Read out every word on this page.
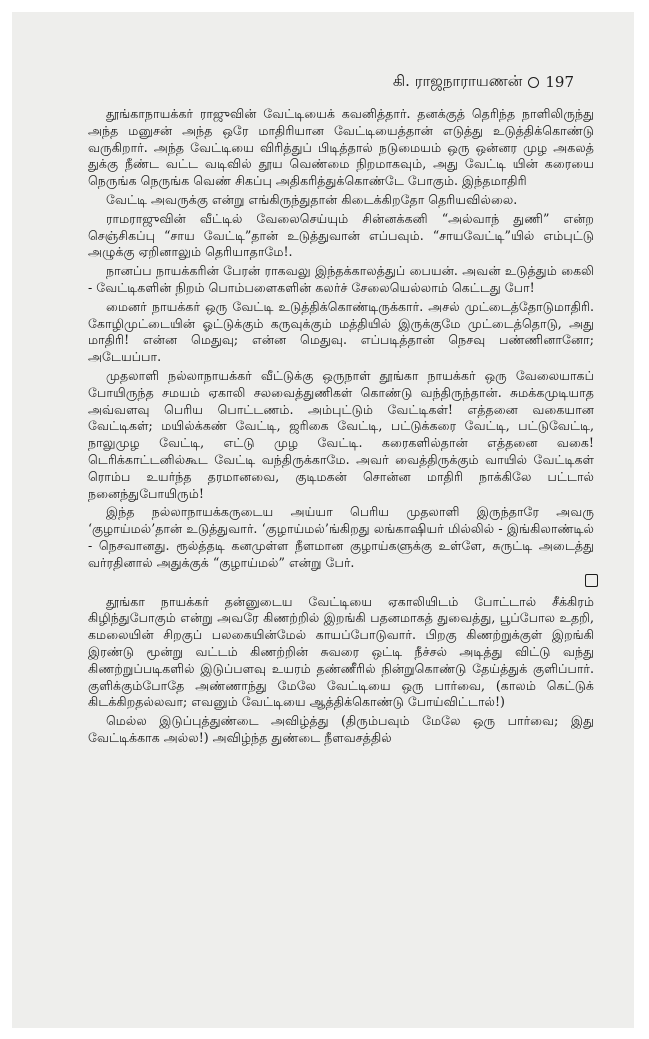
கி. ராஜநாராயணன் 197

தூங்காநாயக்கர் ராஜுவின் வேட்டியைக் கவனித்தார். தனக்குத் தெரிந்த நாளிலிருந்து அந்த மனுசன் அந்த ஒரே மாதிரியான வேட்டியைத்தான் எடுத்து உடுத்திக்கொண்டு வருகிறார். அந்த வேட்டியை விரித்துப் பிடித்தால் நடுமையம் ஒரு ஒன்னர முழ அகலத் துக்கு நீண்ட வட்ட வடிவில் தூய வெண்மை நிறமாகவும், அது வேட்டி யின் கரையை நெருங்க நெருங்க வெண் சிகப்பு அதிகரித்துக்கொண்டே போகும். இந்தமாதிரி

வேட்டி அவருக்கு என்று எங்கிருந்துதான் கிடைக்கிறதோ தெரியவில்லை.

ராமராஜுவின் வீட்டில் வேலைசெய்யும் சின்னக்கனி “அல்வாந் துணி” என்ற செஞ்சிகப்பு “சாய வேட்டி”தான் உடுத்துவான் எப்பவும். “சாயவேட்டி”யில் எம்புட்டு அழுக்கு ஏறினாலும் தெரியாதாமே!.

நானப்ப நாயக்கரின் பேரன் ராகவலு இந்தக்காலத்துப் பையன். அவன் உடுத்தும் கைலி - வேட்டிகளின் நிறம் பொம்பளைகளின் கலர்ச் சேலையெல்லாம் கெட்டது போ!

மைனர் நாயக்கர் ஒரு வேட்டி உடுத்திக்கொண்டிருக்கார். அசல் முட்டைத்தோடுமாதிரி. கோழிமுட்டையின் ஓட்டுக்கும் கருவுக்கும் மத்தியில் இருக்குமே முட்டைத்தொடு, அது மாதிரி! என்ன மெதுவு; என்ன மெதுவு. எப்படித்தான் நெசவு பண்ணினானோ; அடேயப்பா.

முதலாளி நல்லாநாயக்கர் வீட்டுக்கு ஒருநாள் தூங்கா நாயக்கர் ஒரு வேலையாகப் போயிருந்த சமயம் ஏகாலி சலவைத்துணிகள் கொண்டு வந்திருந்தான். சுமக்கமுடியாத அவ்வளவு பெரிய பொட்டணம். அம்புட்டும் வேட்டிகள்! எத்தனை வகையான வேட்டிகள்; மயில்க்கண் வேட்டி, ஜரிகை வேட்டி, பட்டுக்கரை வேட்டி, பட்டுவேட்டி, நாலுமுழ வேட்டி, எட்டு முழ வேட்டி. கரைகளில்தான் எத்தனை வகை! டெரிக்காட்டனில்கூட வேட்டி வந்திருக்காமே. அவர் வைத்திருக்கும் வாயில் வேட்டிகள் ரொம்ப உயர்ந்த தரமானவை, குடிமகன் சொன்ன மாதிரி நாக்கிலே பட்டால் நனைந்துபோயிரும்!

இந்த நல்லாநாயக்கருடைய அய்யா பெரிய முதலாளி இருந்தாரே அவரு ‘குழாய்மல்’தான் உடுத்துவார். ‘குழாய்மல்’ங்கிறது லங்காஷியர் மில்லில் - இங்கிலாண்டில் - நெசவானது. ரூல்த்தடி கனமுள்ள நீளமான குழாய்களுக்கு உள்ளே, சுருட்டி அடைத்து வர்ரதினால் அதுக்குக் “குழாய்மல்” என்று பேர்.

தூங்கா நாயக்கர் தன்னுடைய வேட்டியை ஏகாலியிடம் போட்டால் சீக்கிரம் கிழிந்துபோகும் என்று அவரே கிணற்றில் இறங்கி பதனமாகத் துவைத்து, பூப்போல உதறி, கமலையின் சிறகுப் பலகையின்மேல் காயப்போடுவார். பிறகு கிணற்றுக்குள் இறங்கி இரண்டு மூன்று வட்டம் கிணற்றின் சுவரை ஒட்டி நீச்சல் அடித்து விட்டு வந்து கிணற்றுப்படிகளில் இடுப்பளவு உயரம் தண்ணீரில் நின்றுகொண்டு தேய்த்துக் குளிப்பார். குளிக்கும்போதே அண்ணாந்து மேலே வேட்டியை ஒரு பார்வை, (காலம் கெட்டுக் கிடக்கிறதல்லவா; எவனும் வேட்டியை ஆத்திக்கொண்டு போய்விட்டால்!)

மெல்ல இடுப்புத்துண்டை அவிழ்த்து (திரும்பவும் மேலே ஒரு பார்வை; இது வேட்டிக்காக அல்ல!) அவிழ்ந்த துண்டை நீளவசத்தில்
